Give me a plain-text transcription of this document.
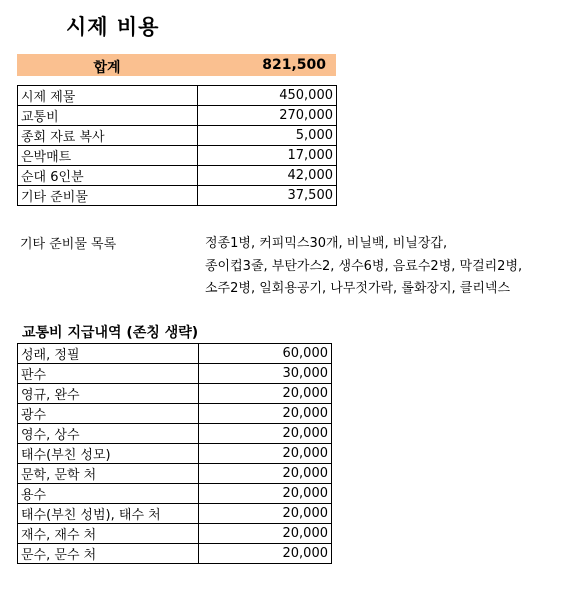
시제 비용
합계	821,500
시제 제물	450,000
교통비	270,000
종회 자료 복사	5,000
은박매트	17,000
순대 6인분	42,000
기타 준비물	37,500
기타 준비물 목록	정종1병, 커피믹스30개, 비닐백, 비닐장갑,
종이컵3줄, 부탄가스2, 생수6병, 음료수2병, 막걸리2병,
소주2병, 일회용공기, 나무젓가락, 롤화장지, 클리넥스
교통비 지급내역 (존칭 생략)
성래, 정필	60,000
판수	30,000
영규, 완수	20,000
광수	20,000
영수, 상수	20,000
태수(부친 성모)	20,000
문학, 문학 처	20,000
용수	20,000
태수(부친 성범), 태수 처	20,000
재수, 재수 처	20,000
문수, 문수 처	20,000
